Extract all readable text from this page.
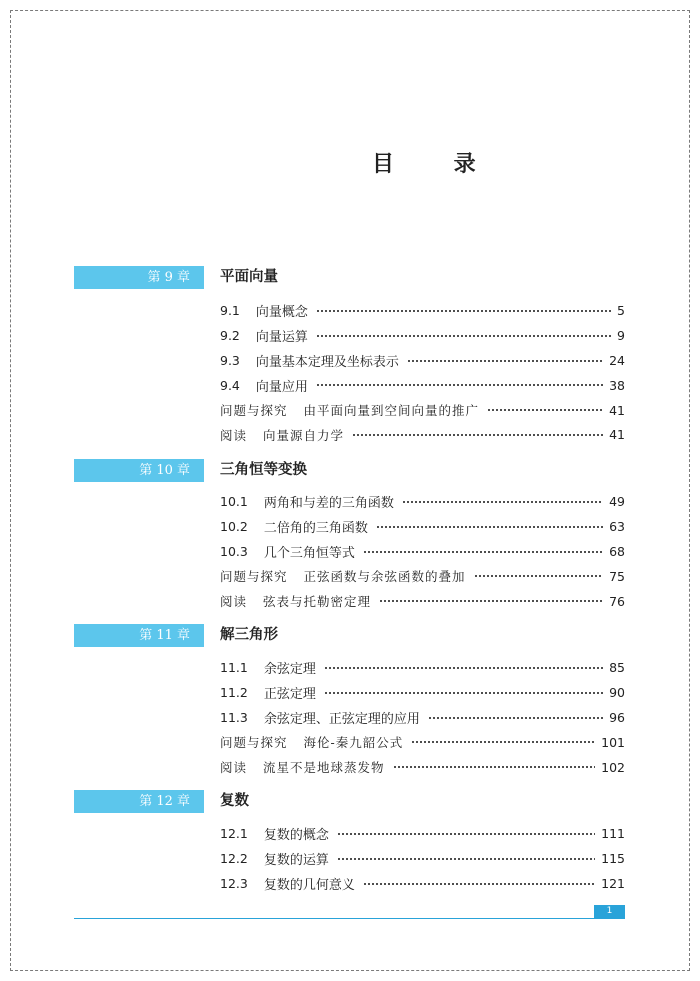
目 录
第 9 章	平面向量
9.1 向量概念	5
9.2 向量运算	9
9.3 向量基本定理及坐标表示	24
9.4 向量应用	38
问题与探究 由平面向量到空间向量的推广	41
阅读 向量源自力学	41
第 10 章	三角恒等变换
10.1 两角和与差的三角函数	49
10.2 二倍角的三角函数	63
10.3 几个三角恒等式	68
问题与探究 正弦函数与余弦函数的叠加	75
阅读 弦表与托勒密定理	76
第 11 章	解三角形
11.1 余弦定理	85
11.2 正弦定理	90
11.3 余弦定理、正弦定理的应用	96
问题与探究 海伦-秦九韶公式	101
阅读 流星不是地球蒸发物	102
第 12 章	复数
12.1 复数的概念	111
12.2 复数的运算	115
12.3 复数的几何意义	121
1
